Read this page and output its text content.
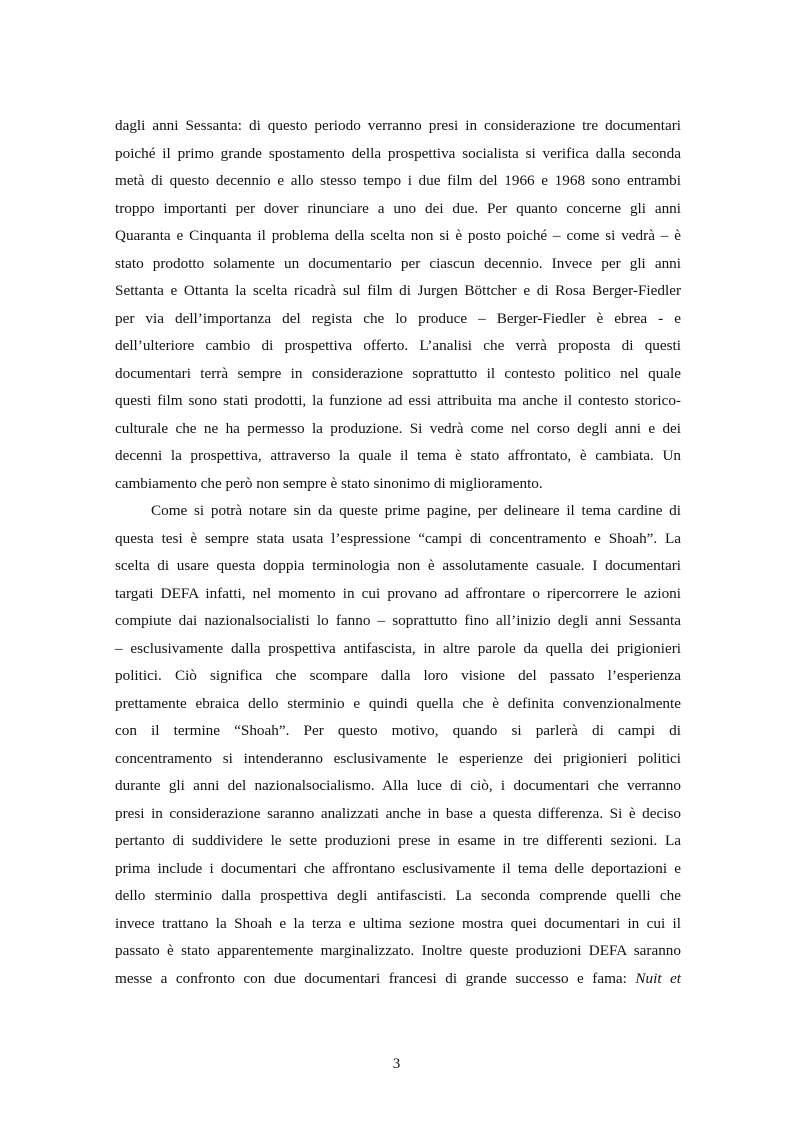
dagli anni Sessanta: di questo periodo verranno presi in considerazione tre documentari
poiché il primo grande spostamento della prospettiva socialista si verifica dalla seconda
metà di questo decennio e allo stesso tempo i due film del 1966 e 1968 sono entrambi
troppo importanti per dover rinunciare a uno dei due. Per quanto concerne gli anni
Quaranta e Cinquanta il problema della scelta non si è posto poiché – come si vedrà – è
stato prodotto solamente un documentario per ciascun decennio. Invece per gli anni
Settanta e Ottanta la scelta ricadrà sul film di Jurgen Böttcher e di Rosa Berger-Fiedler
per via dell’importanza del regista che lo produce – Berger-Fiedler è ebrea - e
dell’ulteriore cambio di prospettiva offerto. L’analisi che verrà proposta di questi
documentari terrà sempre in considerazione soprattutto il contesto politico nel quale
questi film sono stati prodotti, la funzione ad essi attribuita ma anche il contesto storico-
culturale che ne ha permesso la produzione. Si vedrà come nel corso degli anni e dei
decenni la prospettiva, attraverso la quale il tema è stato affrontato, è cambiata. Un
cambiamento che però non sempre è stato sinonimo di miglioramento.
Come si potrà notare sin da queste prime pagine, per delineare il tema cardine di
questa tesi è sempre stata usata l’espressione “campi di concentramento e Shoah”. La
scelta di usare questa doppia terminologia non è assolutamente casuale. I documentari
targati DEFA infatti, nel momento in cui provano ad affrontare o ripercorrere le azioni
compiute dai nazionalsocialisti lo fanno – soprattutto fino all’inizio degli anni Sessanta
– esclusivamente dalla prospettiva antifascista, in altre parole da quella dei prigionieri
politici. Ciò significa che scompare dalla loro visione del passato l’esperienza
prettamente ebraica dello sterminio e quindi quella che è definita convenzionalmente
con il termine “Shoah”. Per questo motivo, quando si parlerà di campi di
concentramento si intenderanno esclusivamente le esperienze dei prigionieri politici
durante gli anni del nazionalsocialismo. Alla luce di ciò, i documentari che verranno
presi in considerazione saranno analizzati anche in base a questa differenza. Si è deciso
pertanto di suddividere le sette produzioni prese in esame in tre differenti sezioni. La
prima include i documentari che affrontano esclusivamente il tema delle deportazioni e
dello sterminio dalla prospettiva degli antifascisti. La seconda comprende quelli che
invece trattano la Shoah e la terza e ultima sezione mostra quei documentari in cui il
passato è stato apparentemente marginalizzato. Inoltre queste produzioni DEFA saranno
messe a confronto con due documentari francesi di grande successo e fama: Nuit et
3
